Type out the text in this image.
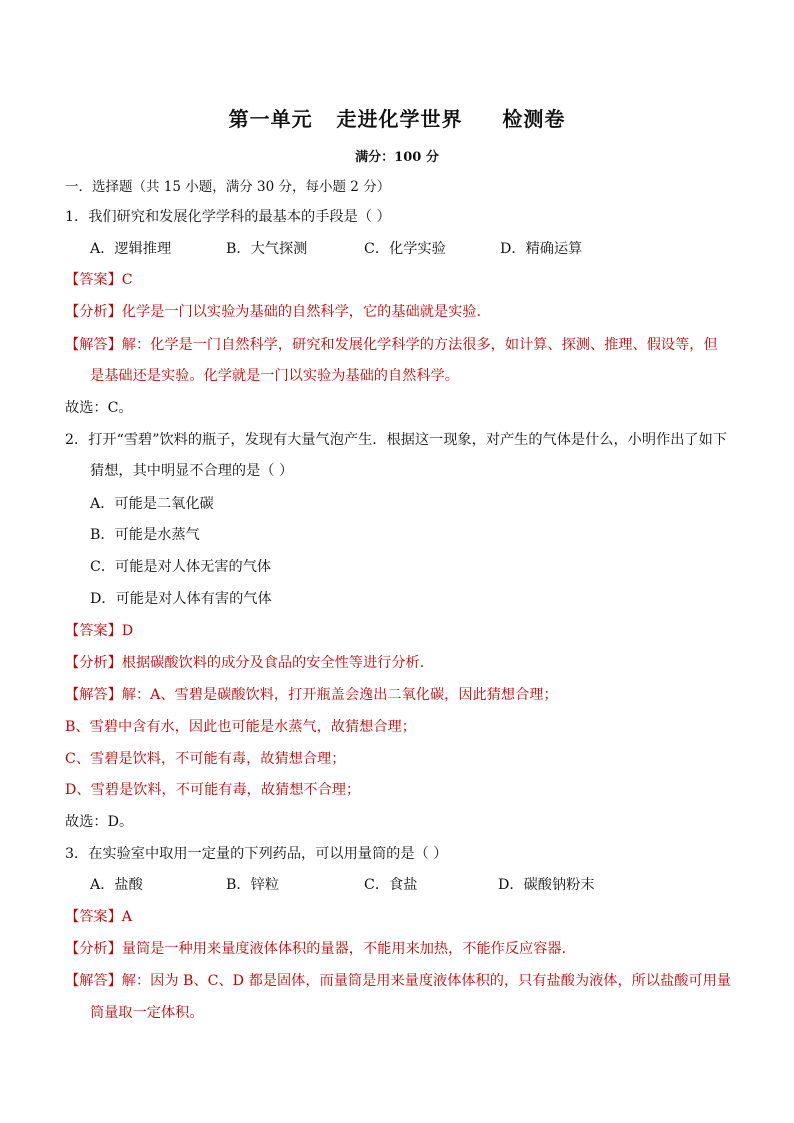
第一单元   走进化学世界     检测卷
满分：100 分
一．选择题（共 15 小题，满分 30 分，每小题 2 分）
1．我们研究和发展化学学科的最基本的手段是（ ）
A．逻辑推理	B．大气探测	C．化学实验	D．精确运算
【答案】C
【分析】化学是一门以实验为基础的自然科学，它的基础就是实验．
【解答】解：化学是一门自然科学，研究和发展化学科学的方法很多，如计算、探测、推理、假设等，但
是基础还是实验。化学就是一门以实验为基础的自然科学。
故选：C。
2．打开“雪碧”饮料的瓶子，发现有大量气泡产生．根据这一现象，对产生的气体是什么，小明作出了如下
猜想，其中明显不合理的是（ ）
A．可能是二氧化碳
B．可能是水蒸气
C．可能是对人体无害的气体
D．可能是对人体有害的气体
【答案】D
【分析】根据碳酸饮料的成分及食品的安全性等进行分析．
【解答】解：A、雪碧是碳酸饮料，打开瓶盖会逸出二氧化碳，因此猜想合理；
B、雪碧中含有水，因此也可能是水蒸气，故猜想合理；
C、雪碧是饮料，不可能有毒，故猜想合理；
D、雪碧是饮料，不可能有毒，故猜想不合理；
故选：D。
3．在实验室中取用一定量的下列药品，可以用量筒的是（ ）
A．盐酸	B．锌粒	C．食盐	D．碳酸钠粉末
【答案】A
【分析】量筒是一种用来量度液体体积的量器，不能用来加热，不能作反应容器．
【解答】解：因为 B、C、D 都是固体，而量筒是用来量度液体体积的，只有盐酸为液体，所以盐酸可用量
筒量取一定体积。
